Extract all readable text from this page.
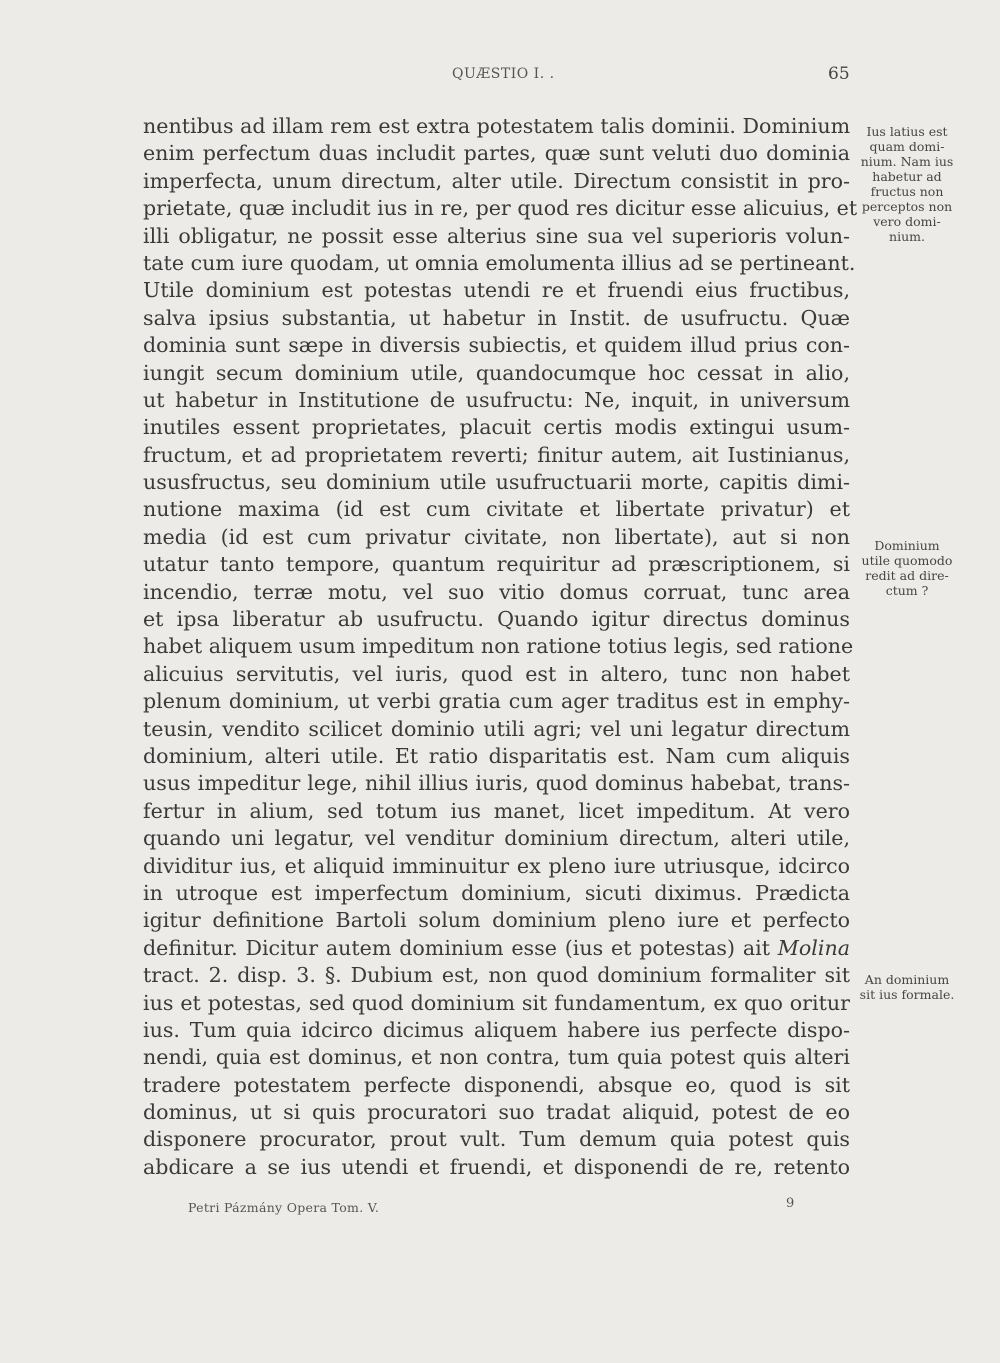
QUÆSTIO I. .	65
nentibus ad illam rem est extra potestatem talis dominii. Dominium
enim perfectum duas includit partes, quæ sunt veluti duo dominia
imperfecta, unum directum, alter utile. Directum consistit in pro-
prietate, quæ includit ius in re, per quod res dicitur esse alicuius, et
illi obligatur, ne possit esse alterius sine sua vel superioris volun-
tate cum iure quodam, ut omnia emolumenta illius ad se pertineant.
Utile dominium est potestas utendi re et fruendi eius fructibus,
salva ipsius substantia, ut habetur in Instit. de usufructu. Quæ
dominia sunt sæpe in diversis subiectis, et quidem illud prius con-
iungit secum dominium utile, quandocumque hoc cessat in alio,
ut habetur in Institutione de usufructu: Ne, inquit, in universum
inutiles essent proprietates, placuit certis modis extingui usum-
fructum, et ad proprietatem reverti; finitur autem, ait Iustinianus,
ususfructus, seu dominium utile usufructuarii morte, capitis dimi-
nutione maxima (id est cum civitate et libertate privatur) et
media (id est cum privatur civitate, non libertate), aut si non
utatur tanto tempore, quantum requiritur ad præscriptionem, si
incendio, terræ motu, vel suo vitio domus corruat, tunc area
et ipsa liberatur ab usufructu. Quando igitur directus dominus
habet aliquem usum impeditum non ratione totius legis, sed ratione
alicuius servitutis, vel iuris, quod est in altero, tunc non habet
plenum dominium, ut verbi gratia cum ager traditus est in emphy-
teusin, vendito scilicet dominio utili agri; vel uni legatur directum
dominium, alteri utile. Et ratio disparitatis est. Nam cum aliquis
usus impeditur lege, nihil illius iuris, quod dominus habebat, trans-
fertur in alium, sed totum ius manet, licet impeditum. At vero
quando uni legatur, vel venditur dominium directum, alteri utile,
dividitur ius, et aliquid imminuitur ex pleno iure utriusque, idcirco
in utroque est imperfectum dominium, sicuti diximus. Prædicta
igitur definitione Bartoli solum dominium pleno iure et perfecto
definitur. Dicitur autem dominium esse (ius et potestas) ait Molina
tract. 2. disp. 3. §. Dubium est, non quod dominium formaliter sit
ius et potestas, sed quod dominium sit fundamentum, ex quo oritur
ius. Tum quia idcirco dicimus aliquem habere ius perfecte dispo-
nendi, quia est dominus, et non contra, tum quia potest quis alteri
tradere potestatem perfecte disponendi, absque eo, quod is sit
dominus, ut si quis procuratori suo tradat aliquid, potest de eo
disponere procurator, prout vult. Tum demum quia potest quis
abdicare a se ius utendi et fruendi, et disponendi de re, retento
Ius latius est
quam domi-
nium. Nam ius
habetur ad
fructus non
perceptos non
vero domi-
nium.
Dominium
utile quomodo
redit ad dire-
ctum ?
An dominium
sit ius formale.
Petri Pázmány Opera Tom. V.	9
